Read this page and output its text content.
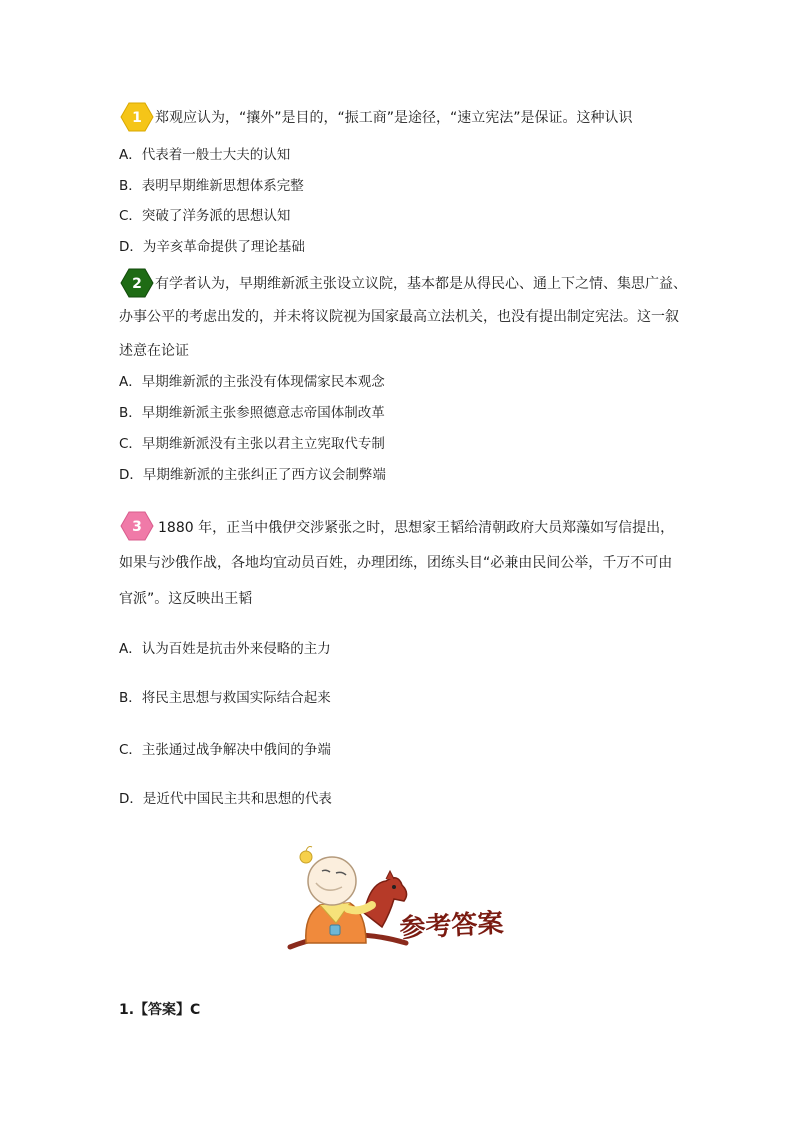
1 郑观应认为，“攘外”是目的，“振工商”是途径，“速立宪法”是保证。这种认识
A．代表着一般士大夫的认知
B．表明早期维新思想体系完整
C．突破了洋务派的思想认知
D．为辛亥革命提供了理论基础
2 有学者认为，早期维新派主张设立议院，基本都是从得民心、通上下之情、集思广益、
办事公平的考虑出发的，并未将议院视为国家最高立法机关，也没有提出制定宪法。这一叙
述意在论证
A．早期维新派的主张没有体现儒家民本观念
B．早期维新派主张参照德意志帝国体制改革
C．早期维新派没有主张以君主立宪取代专制
D．早期维新派的主张纠正了西方议会制弊端
3 1880 年，正当中俄伊交涉紧张之时，思想家王韬给清朝政府大员郑藻如写信提出，
如果与沙俄作战，各地均宜动员百姓，办理团练，团练头目“必兼由民间公举，千万不可由
官派”。这反映出王韬
A．认为百姓是抗击外来侵略的主力
B．将民主思想与救国实际结合起来
C．主张通过战争解决中俄间的争端
D．是近代中国民主共和思想的代表
参考答案
1.【答案】C
